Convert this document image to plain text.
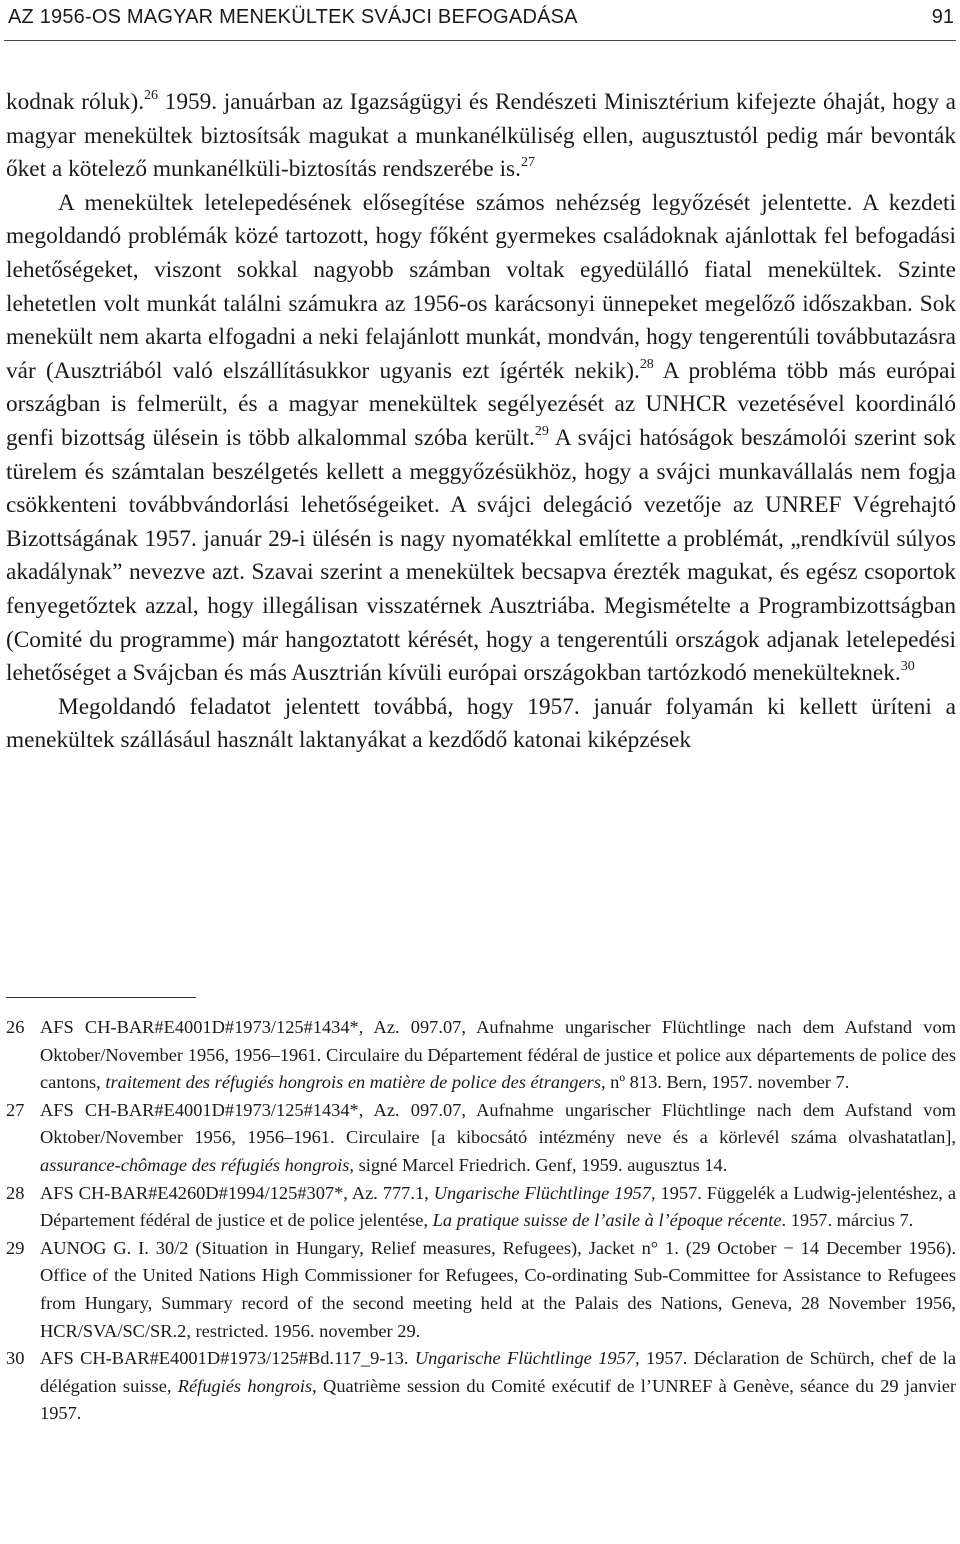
AZ 1956-OS MAGYAR MENEKÜLTEK SVÁJCI BEFOGADÁSA	91

kodnak róluk).$^{26}$ 1959. januárban az Igazságügyi és Rendészeti Minisztérium kifejezte óhaját, hogy a magyar menekültek biztosítsák magukat a munkanélküliség ellen, augusztustól pedig már bevonták őket a kötelező munkanélküli-biztosítás rendszerébe is.$^{27}$

A menekültek letelepedésének elősegítése számos nehézség legyőzését jelentette. A kezdeti megoldandó problémák közé tartozott, hogy főként gyermekes családoknak ajánlottak fel befogadási lehetőségeket, viszont sokkal nagyobb számban voltak egyedülálló fiatal menekültek. Szinte lehetetlen volt munkát találni számukra az 1956-os karácsonyi ünnepeket megelőző időszakban. Sok menekült nem akarta elfogadni a neki felajánlott munkát, mondván, hogy tengerentúli továbbutazásra vár (Ausztriából való elszállításukkor ugyanis ezt ígérték nekik).$^{28}$ A probléma több más európai országban is felmerült, és a magyar menekültek segélyezését az UNHCR vezetésével koordináló genfi bizottság ülésein is több alkalommal szóba került.$^{29}$ A svájci hatóságok beszámolói szerint sok türelem és számtalan beszélgetés kellett a meggyőzésükhöz, hogy a svájci munkavállalás nem fogja csökkenteni továbbvándorlási lehetőségeiket. A svájci delegáció vezetője az UNREF Végrehajtó Bizottságának 1957. január 29-i ülésén is nagy nyomatékkal említette a problémát, „rendkívül súlyos akadálynak” nevezve azt. Szavai szerint a menekültek becsapva érezték magukat, és egész csoportok fenyegetőztek azzal, hogy illegálisan visszatérnek Ausztriába. Megismételte a Programbizottságban (Comité du programme) már hangoztatott kérését, hogy a tengerentúli országok adjanak letelepedési lehetőséget a Svájcban és más Ausztrián kívüli európai országokban tartózkodó menekülteknek.$^{30}$

Megoldandó feladatot jelentett továbbá, hogy 1957. január folyamán ki kellett üríteni a menekültek szállásául használt laktanyákat a kezdődő katonai kiképzések

26 AFS CH-BAR#E4001D#1973/125#1434*, Az. 097.07, Aufnahme ungarischer Flüchtlinge nach dem Aufstand vom Oktober/November 1956, 1956–1961. Circulaire du Département fédéral de justice et police aux départements de police des cantons, traitement des réfugiés hongrois en matière de police des étrangers, nº 813. Bern, 1957. november 7.

27 AFS CH-BAR#E4001D#1973/125#1434*, Az. 097.07, Aufnahme ungarischer Flüchtlinge nach dem Aufstand vom Oktober/November 1956, 1956–1961. Circulaire [a kibocsátó intézmény neve és a körlevél száma olvashatatlan], assurance-chômage des réfugiés hongrois, signé Marcel Friedrich. Genf, 1959. augusztus 14.

28 AFS CH-BAR#E4260D#1994/125#307*, Az. 777.1, Ungarische Flüchtlinge 1957, 1957. Függelék a Ludwig-jelentéshez, a Département fédéral de justice et de police jelentése, La pratique suisse de l’asile à l’époque récente. 1957. március 7.

29 AUNOG G. I. 30/2 (Situation in Hungary, Relief measures, Refugees), Jacket n° 1. (29 October − 14 December 1956). Office of the United Nations High Commissioner for Refugees, Co-ordinating Sub-Committee for Assistance to Refugees from Hungary, Summary record of the second meeting held at the Palais des Nations, Geneva, 28 November 1956, HCR/SVA/SC/SR.2, restricted. 1956. november 29.

30 AFS CH-BAR#E4001D#1973/125#Bd.117_9-13. Ungarische Flüchtlinge 1957, 1957. Déclaration de Schürch, chef de la délégation suisse, Réfugiés hongrois, Quatrième session du Comité exécutif de l’UNREF à Genève, séance du 29 janvier 1957.
